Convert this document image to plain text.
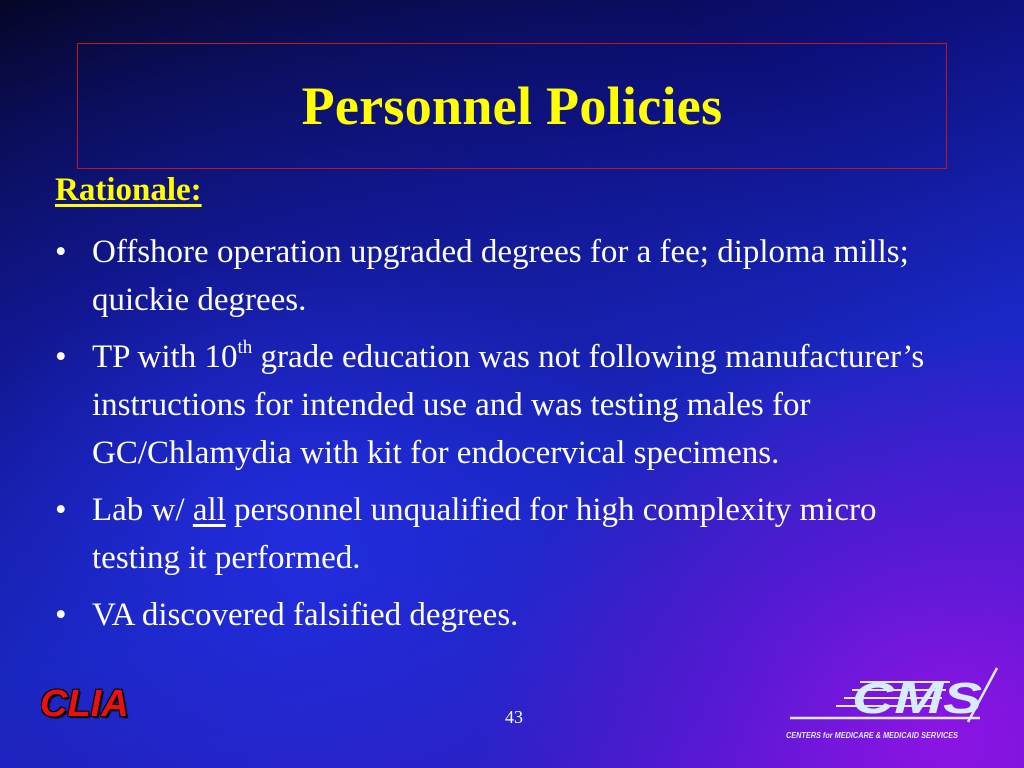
Personnel Policies
Rationale:
• Offshore operation upgraded degrees for a fee; diploma mills; quickie degrees.
• TP with 10th grade education was not following manufacturer’s instructions for intended use and was testing males for GC/Chlamydia with kit for endocervical specimens.
• Lab w/ all personnel unqualified for high complexity micro testing it performed.
• VA discovered falsified degrees.
CLIA	43	CMS
CENTERS for MEDICARE & MEDICAID SERVICES
